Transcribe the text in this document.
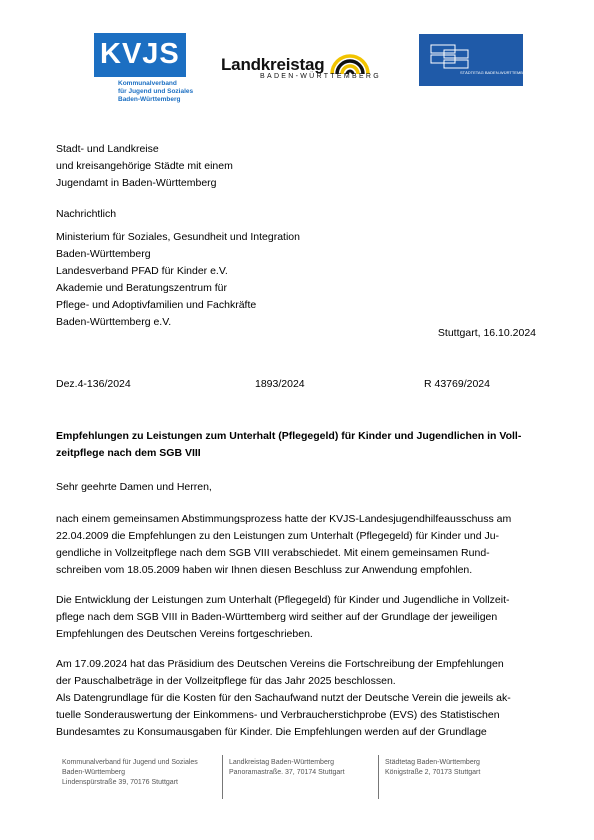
KVJS
Kommunalverband
für Jugend und Soziales
Baden-Württemberg
Landkreistag
BADEN-WÜRTTEMBERG
STÄDTETAG BADEN-WÜRTTEMBERG
Stadt- und Landkreise
und kreisangehörige Städte mit einem
Jugendamt in Baden-Württemberg
Nachrichtlich
Ministerium für Soziales, Gesundheit und Integration
Baden-Württemberg
Landesverband PFAD für Kinder e.V.
Akademie und Beratungszentrum für
Pflege- und Adoptivfamilien und Fachkräfte
Baden-Württemberg e.V.
Stuttgart, 16.10.2024
Dez.4-136/2024	1893/2024	R 43769/2024
Empfehlungen zu Leistungen zum Unterhalt (Pflegegeld) für Kinder und Jugendlichen in Voll-
zeitpflege nach dem SGB VIII
Sehr geehrte Damen und Herren,
nach einem gemeinsamen Abstimmungsprozess hatte der KVJS-Landesjugendhilfeausschuss am
22.04.2009 die Empfehlungen zu den Leistungen zum Unterhalt (Pflegegeld) für Kinder und Ju-
gendliche in Vollzeitpflege nach dem SGB VIII verabschiedet. Mit einem gemeinsamen Rund-
schreiben vom 18.05.2009 haben wir Ihnen diesen Beschluss zur Anwendung empfohlen.
Die Entwicklung der Leistungen zum Unterhalt (Pflegegeld) für Kinder und Jugendliche in Vollzeit-
pflege nach dem SGB VIII in Baden-Württemberg wird seither auf der Grundlage der jeweiligen
Empfehlungen des Deutschen Vereins fortgeschrieben.
Am 17.09.2024 hat das Präsidium des Deutschen Vereins die Fortschreibung der Empfehlungen
der Pauschalbeträge in der Vollzeitpflege für das Jahr 2025 beschlossen.
Als Datengrundlage für die Kosten für den Sachaufwand nutzt der Deutsche Verein die jeweils ak-
tuelle Sonderauswertung der Einkommens- und Verbraucherstichprobe (EVS) des Statistischen
Bundesamtes zu Konsumausgaben für Kinder. Die Empfehlungen werden auf der Grundlage
Kommunalverband für Jugend und Soziales
Baden-Württemberg
Lindenspürstraße 39, 70176 Stuttgart
Landkreistag Baden-Württemberg
Panoramastraße. 37, 70174 Stuttgart
Städtetag Baden-Württemberg
Königstraße 2, 70173 Stuttgart
